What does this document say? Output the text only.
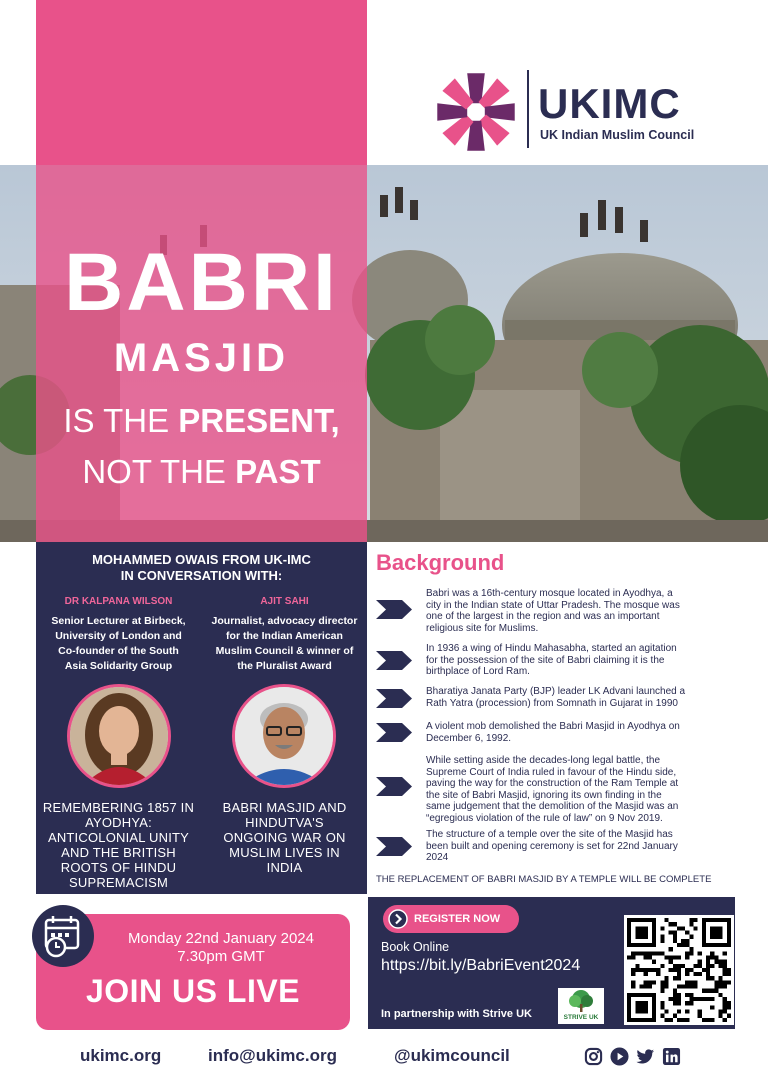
UKIMC
UK Indian Muslim Council
BABRI
MASJID
IS THE PRESENT,
NOT THE PAST
MOHAMMED OWAIS FROM UK-IMC
IN CONVERSATION WITH:
DR KALPANA WILSON
Senior Lecturer at Birbeck,
University of London and
Co-founder of the South
Asia Solidarity Group
AJIT SAHI
Journalist, advocacy director
for the Indian American
Muslim Council & winner of
the Pluralist Award
REMEMBERING 1857 IN
AYODHYA:
ANTICOLONIAL UNITY
AND THE BRITISH
ROOTS OF HINDU
SUPREMACISM
BABRI MASJID AND
HINDUTVA'S
ONGOING WAR ON
MUSLIM LIVES IN
INDIA
Background
Babri was a 16th-century mosque located in Ayodhya, a
city in the Indian state of Uttar Pradesh. The mosque was
one of the largest in the region and was an important
religious site for Muslims.
In 1936 a wing of Hindu Mahasabha, started an agitation
for the possession of the site of Babri claiming it is the
birthplace of Lord Ram.
Bharatiya Janata Party (BJP) leader LK Advani launched a
Rath Yatra (procession) from Somnath in Gujarat in 1990
A violent mob demolished the Babri Masjid in Ayodhya on
December 6, 1992.
While setting aside the decades-long legal battle, the
Supreme Court of India ruled in favour of the Hindu side,
paving the way for the construction of the Ram Temple at
the site of Babri Masjid, ignoring its own finding in the
same judgement that the demolition of the Masjid was an
“egregious violation of the rule of law” on 9 Nov 2019.
The structure of a temple over the site of the Masjid has
been built and opening ceremony is set for 22nd January
2024
THE REPLACEMENT OF BABRI MASJID BY A TEMPLE WILL BE COMPLETE
Monday 22nd January 2024
7.30pm GMT
JOIN US LIVE
REGISTER NOW
Book Online
https://bit.ly/BabriEvent2024
In partnership with Strive UK	STRIVE UK
ukimc.org	info@ukimc.org	@ukimcouncil
